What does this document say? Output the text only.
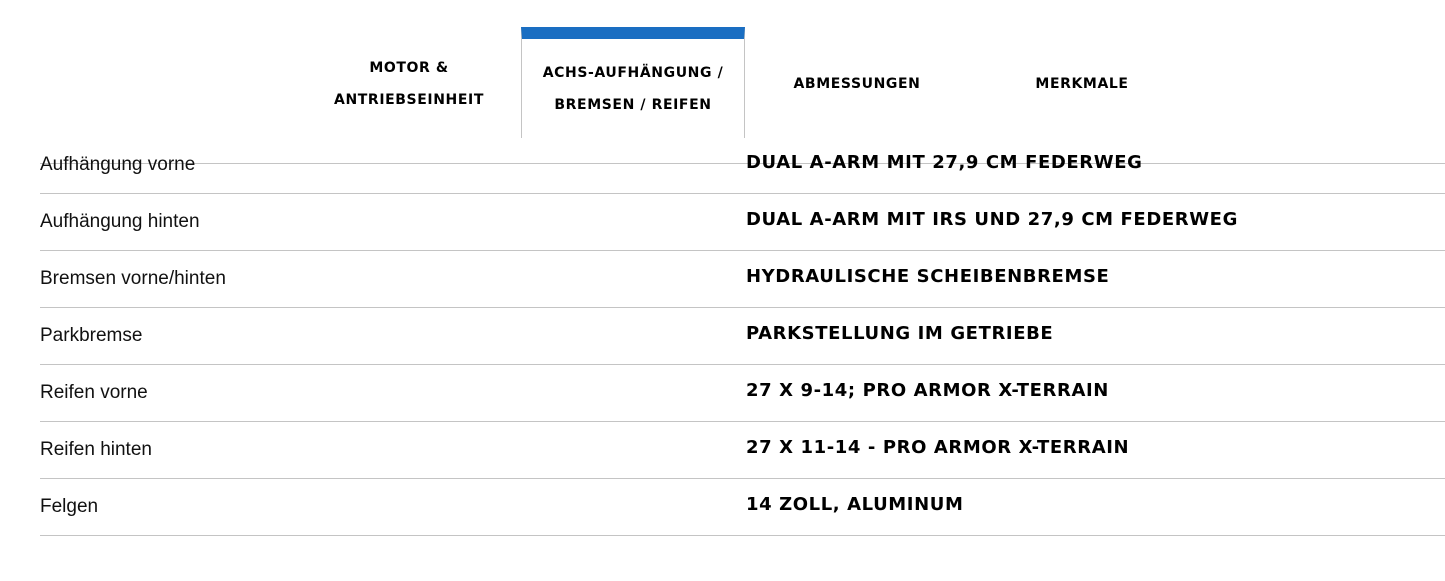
MOTOR &
ANTRIEBSEINHEIT
ACHS-AUFHÄNGUNG /
BREMSEN / REIFEN
ABMESSUNGEN	MERKMALE
Aufhängung vorne	DUAL A-ARM MIT 27,9 CM FEDERWEG
Aufhängung hinten	DUAL A-ARM MIT IRS UND 27,9 CM FEDERWEG
Bremsen vorne/hinten	HYDRAULISCHE SCHEIBENBREMSE
Parkbremse	PARKSTELLUNG IM GETRIEBE
Reifen vorne	27 X 9-14; PRO ARMOR X-TERRAIN
Reifen hinten	27 X 11-14 - PRO ARMOR X-TERRAIN
Felgen	14 ZOLL, ALUMINUM
